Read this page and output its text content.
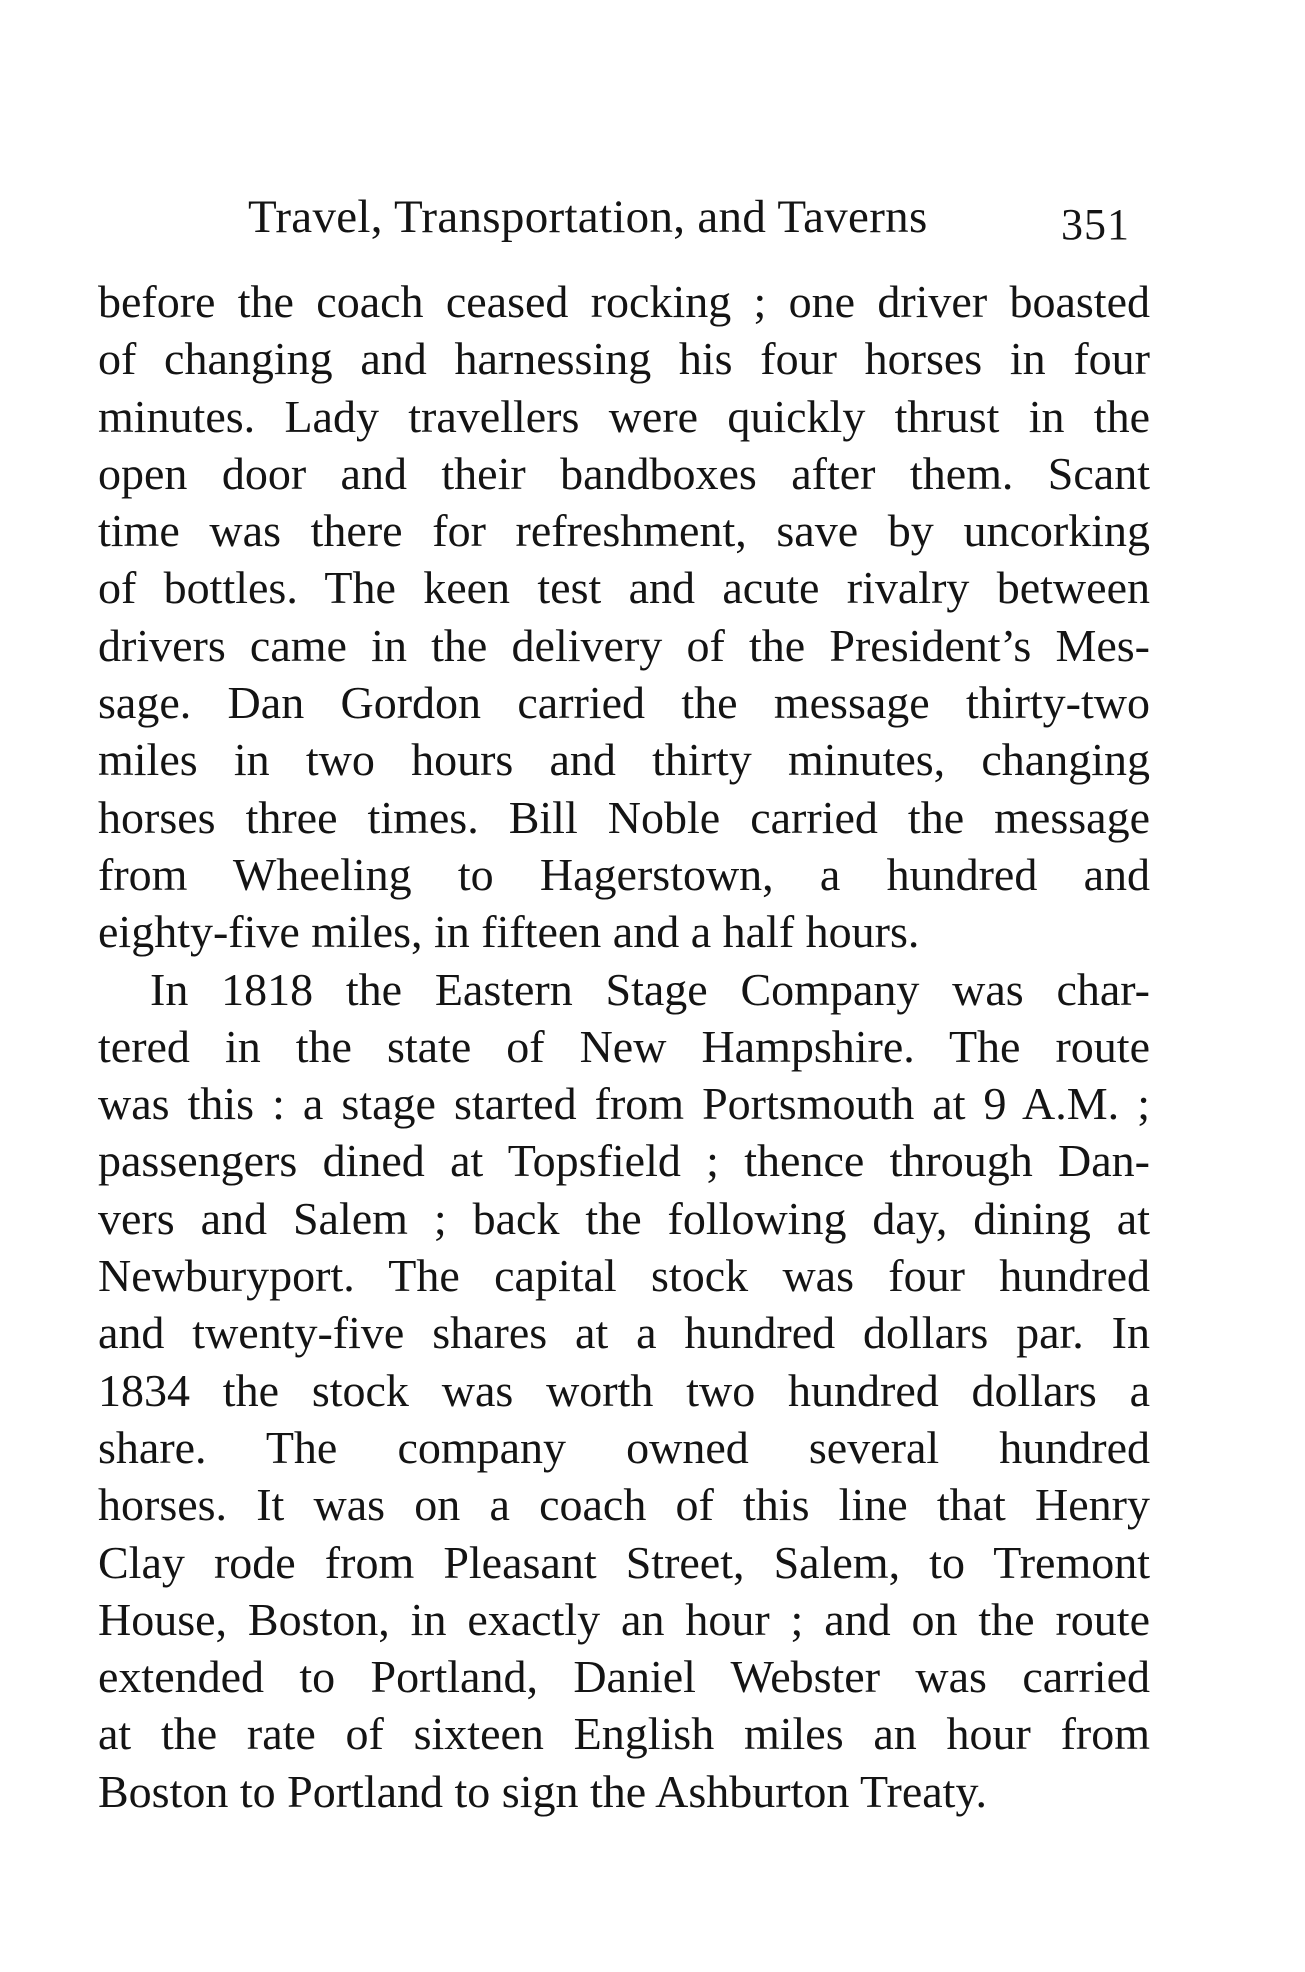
Travel, Transportation, and Taverns	351
before the coach ceased rocking ; one driver boasted
of changing and harnessing his four horses in four
minutes. Lady travellers were quickly thrust in the
open door and their bandboxes after them. Scant
time was there for refreshment, save by uncorking
of bottles. The keen test and acute rivalry between
drivers came in the delivery of the President’s Mes-
sage. Dan Gordon carried the message thirty-two
miles in two hours and thirty minutes, changing
horses three times. Bill Noble carried the message
from Wheeling to Hagerstown, a hundred and
eighty-five miles, in fifteen and a half hours.
In 1818 the Eastern Stage Company was char-
tered in the state of New Hampshire. The route
was this : a stage started from Portsmouth at 9 A.M. ;
passengers dined at Topsfield ; thence through Dan-
vers and Salem ; back the following day, dining at
Newburyport. The capital stock was four hundred
and twenty-five shares at a hundred dollars par. In
1834 the stock was worth two hundred dollars a
share. The company owned several hundred
horses. It was on a coach of this line that Henry
Clay rode from Pleasant Street, Salem, to Tremont
House, Boston, in exactly an hour ; and on the route
extended to Portland, Daniel Webster was carried
at the rate of sixteen English miles an hour from
Boston to Portland to sign the Ashburton Treaty.
